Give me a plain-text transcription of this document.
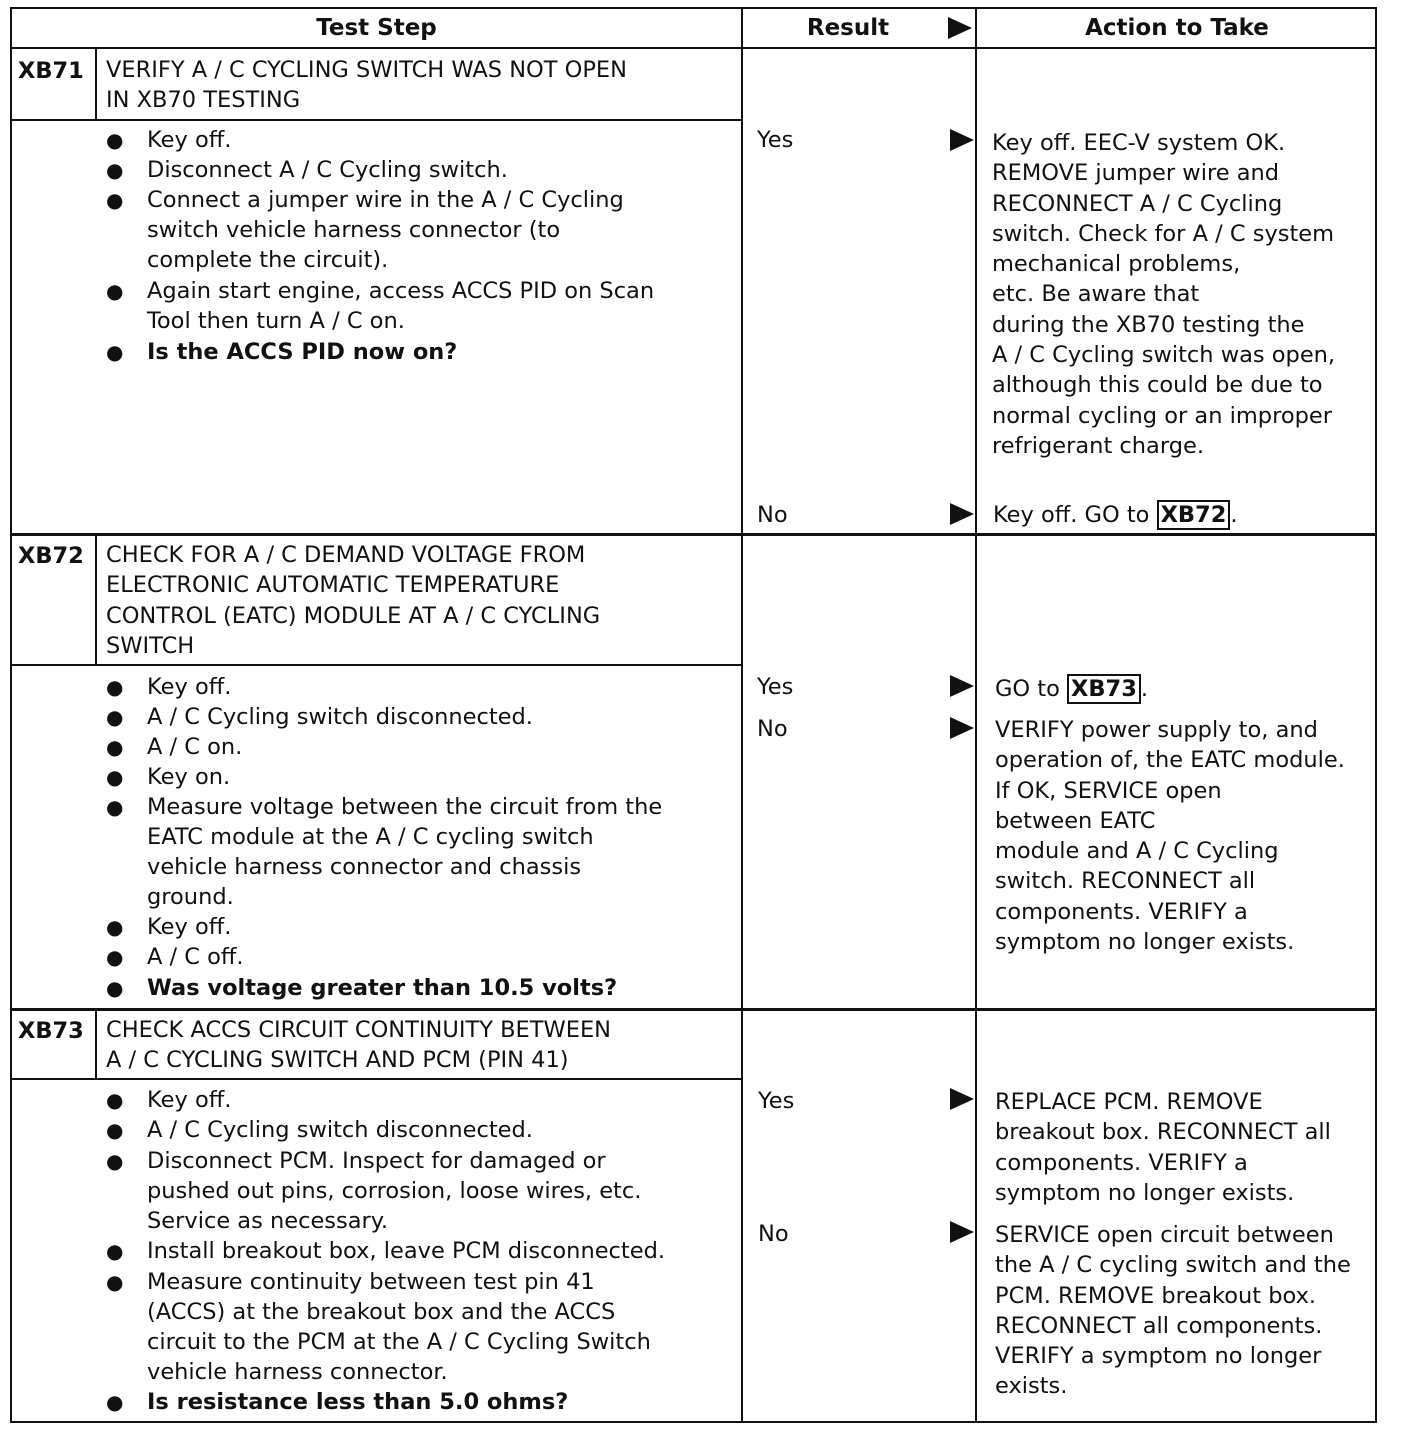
Test Step	Result	Action to Take
XB71 VERIFY A / C CYCLING SWITCH WAS NOT OPEN
IN XB70 TESTING
● Key off.
● Disconnect A / C Cycling switch.
● Connect a jumper wire in the A / C Cycling
switch vehicle harness connector (to
complete the circuit).
● Again start engine, access ACCS PID on Scan
Tool then turn A / C on.
● Is the ACCS PID now on?
Yes	Key off. EEC-V system OK.
REMOVE jumper wire and
RECONNECT A / C Cycling
switch. Check for A / C system
mechanical problems,
etc. Be aware that
during the XB70 testing the
A / C Cycling switch was open,
although this could be due to
normal cycling or an improper
refrigerant charge.
No	Key off. GO to XB72 .
XB72 CHECK FOR A / C DEMAND VOLTAGE FROM
ELECTRONIC AUTOMATIC TEMPERATURE
CONTROL (EATC) MODULE AT A / C CYCLING
SWITCH
● Key off.
● A / C Cycling switch disconnected.
● A / C on.
● Key on.
● Measure voltage between the circuit from the
EATC module at the A / C cycling switch
vehicle harness connector and chassis
ground.
● Key off.
● A / C off.
● Was voltage greater than 10.5 volts?
Yes	GO to XB73 .
No	VERIFY power supply to, and
operation of, the EATC module.
If OK, SERVICE open
between EATC
module and A / C Cycling
switch. RECONNECT all
components. VERIFY a
symptom no longer exists.
XB73 CHECK ACCS CIRCUIT CONTINUITY BETWEEN
A / C CYCLING SWITCH AND PCM (PIN 41)
● Key off.
● A / C Cycling switch disconnected.
● Disconnect PCM. Inspect for damaged or
pushed out pins, corrosion, loose wires, etc.
Service as necessary.
● Install breakout box, leave PCM disconnected.
● Measure continuity between test pin 41
(ACCS) at the breakout box and the ACCS
circuit to the PCM at the A / C Cycling Switch
vehicle harness connector.
● Is resistance less than 5.0 ohms?
Yes	REPLACE PCM. REMOVE
breakout box. RECONNECT all
components. VERIFY a
symptom no longer exists.
No	SERVICE open circuit between
the A / C cycling switch and the
PCM. REMOVE breakout box.
RECONNECT all components.
VERIFY a symptom no longer
exists.
